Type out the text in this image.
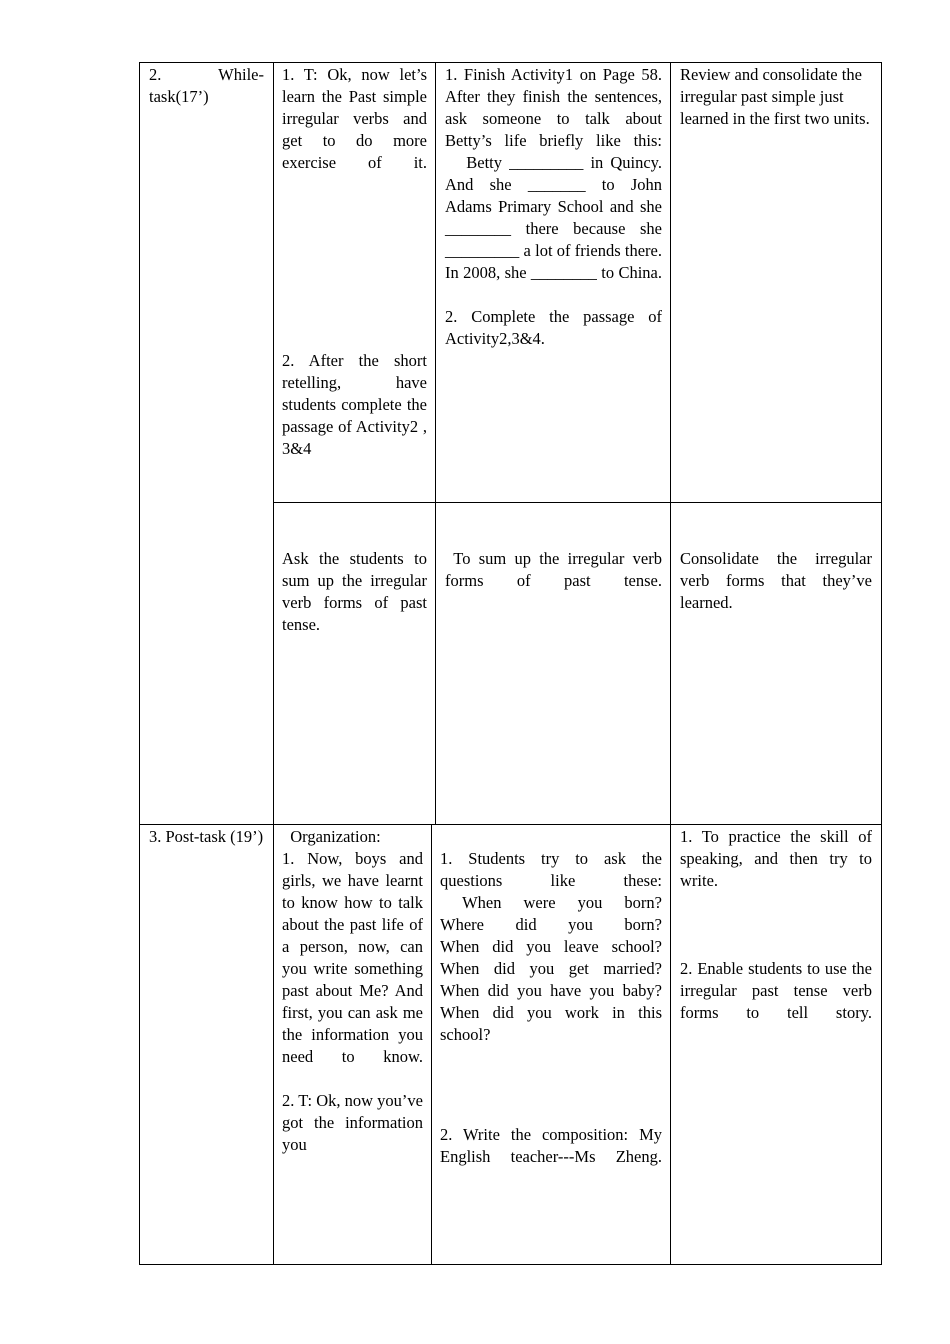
2.        While-task(17’)

1. T: Ok, now let’s learn the Past simple irregular verbs and get to do more exercise of it.

2. After the short retelling, have students complete the passage of Activity2 , 3&4

1. Finish Activity1 on Page 58. After they finish the sentences, ask someone to talk about Betty’s life briefly like this:

Betty _________ in Quincy. And she _______ to John Adams Primary School and she ________ there because she _________ a lot of friends there. In 2008, she ________ to China.

2. Complete the passage of Activity2,3&4.

Review and consolidate the irregular past simple just learned in the first two units.

Ask the students to sum up the irregular verb forms of past tense.

To sum up the irregular verb forms of past tense.

Consolidate the irregular verb forms that they’ve learned.

3. Post-task (19’) Organization:

1. Now, boys and girls, we have learnt to know how to talk about the past life of a person, now, can you write something past about Me? And first, you can ask me the information you need to know.

2. T: Ok, now you’ve got the information you

1. Students try to ask the questions like these:

When were you born?

Where did you born?

When did you leave school?

When did you get married?

When did you have you baby?

When did you work in this school?

2. Write the composition: My English teacher---Ms Zheng.

1. To practice the skill of speaking, and then try to write.

2. Enable students to use the irregular past tense verb forms to tell story.
